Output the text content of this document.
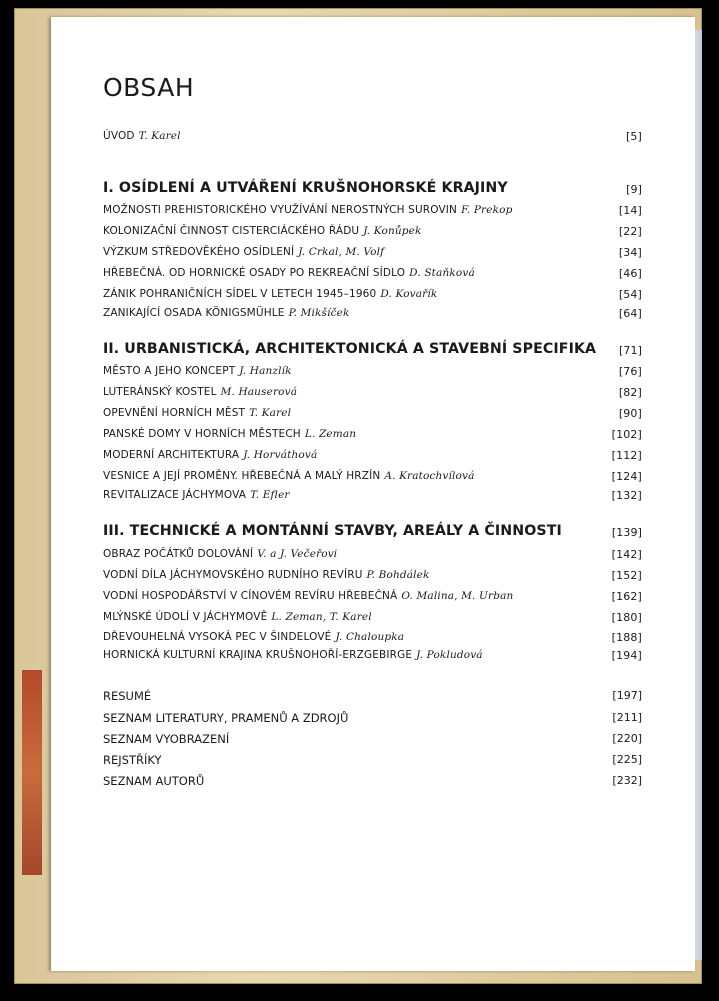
OBSAH
ÚVOD T. Karel	[5]
I. OSÍDLENÍ A UTVÁŘENÍ KRUŠNOHORSKÉ KRAJINY	[9]
MOŽNOSTI PREHISTORICKÉHO VYUŽÍVÁNÍ NEROSTNÝCH SUROVIN F. Prekop	[14]
KOLONIZAČNÍ ČINNOST CISTERCIÁCKÉHO ŘÁDU J. Konůpek	[22]
VÝZKUM STŘEDOVĚKÉHO OSÍDLENÍ J. Crkal, M. Volf	[34]
HŘEBEČNÁ. OD HORNICKÉ OSADY PO REKREAČNÍ SÍDLO D. Staňková	[46]
ZÁNIK POHRANIČNÍCH SÍDEL V LETECH 1945–1960 D. Kovařík	[54]
ZANIKAJÍCÍ OSADA KÖNIGSMÜHLE P. Mikšíček	[64]
II. URBANISTICKÁ, ARCHITEKTONICKÁ A STAVEBNÍ SPECIFIKA [71]
MĚSTO A JEHO KONCEPT J. Hanzlík	[76]
LUTERÁNSKÝ KOSTEL M. Hauserová	[82]
OPEVNĚNÍ HORNÍCH MĚST T. Karel	[90]
PANSKÉ DOMY V HORNÍCH MĚSTECH L. Zeman	[102]
MODERNÍ ARCHITEKTURA J. Horváthová	[112]
VESNICE A JEJÍ PROMĚNY. HŘEBEČNÁ A MALÝ HRZÍN A. Kratochvílová	[124]
REVITALIZACE JÁCHYMOVA T. Efler	[132]
III. TECHNICKÉ A MONTÁNNÍ STAVBY, AREÁLY A ČINNOSTI	[139]
OBRAZ POČÁTKŮ DOLOVÁNÍ V. a J. Večeřovi	[142]
VODNÍ DÍLA JÁCHYMOVSKÉHO RUDNÍHO REVÍRU P. Bohdálek	[152]
VODNÍ HOSPODÁŘSTVÍ V CÍNOVÉM REVÍRU HŘEBEČNÁ O. Malina, M. Urban	[162]
MLÝNSKÉ ÚDOLÍ V JÁCHYMOVĚ L. Zeman, T. Karel	[180]
DŘEVOUHELNÁ VYSOKÁ PEC V ŠINDELOVÉ J. Chaloupka	[188]
HORNICKÁ KULTURNÍ KRAJINA KRUŠNOHOŘÍ-ERZGEBIRGE J. Pokludová	[194]
RESUMÉ	[197]
SEZNAM LITERATURY, PRAMENŮ A ZDROJŮ	[211]
SEZNAM VYOBRAZENÍ	[220]
REJSTŘÍKY	[225]
SEZNAM AUTORŮ	[232]
